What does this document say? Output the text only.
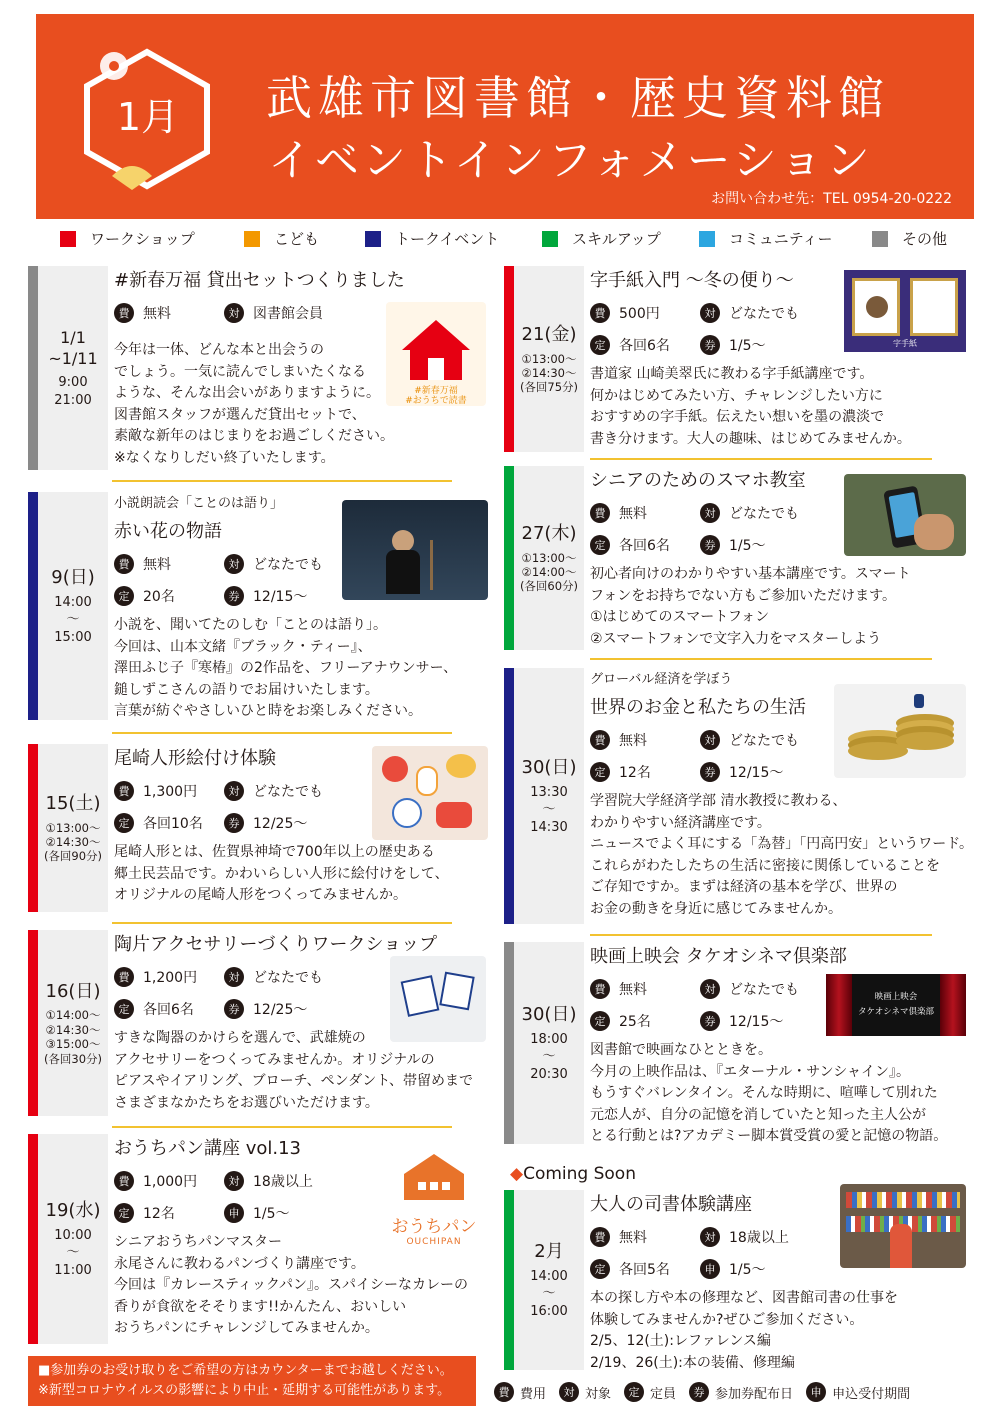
1月	武雄市図書館・歴史資料館
イベントインフォメーション
お問い合わせ先：TEL 0954-20-0222
ワークショップ	こども	トークイベント	スキルアップ	コミュニティー	その他
1/1
~1/11
9:00
21:00
#新春万福 貸出セットつくりました
費 無料	対 図書館会員
今年は一体、どんな本と出会うの
でしょう。一気に読んでしまいたくなる
ような、そんな出会いがありますように。
図書館スタッフが選んだ貸出セットで、
素敵な新年のはじまりをお過ごしください。
※なくなりしだい終了いたします。
#新春万福
#おうちで読書
9(日)
14:00
〜
15:00
小説朗読会「ことのは語り」
赤い花の物語
費 無料	対 どなたでも
定 20名	券 12/15〜
小説を、聞いてたのしむ「ことのは語り」。
今回は、山本文緒『ブラック・ティー』、
澤田ふじ子『寒椿』の2作品を、フリーアナウンサー、
鎚しずこさんの語りでお届けいたします。
言葉が紡ぐやさしいひと時をお楽しみください。
15(土)
①13:00〜
②14:30〜
(各回90分)
尾崎人形絵付け体験
費 1,300円	対 どなたでも
定 各回10名	券 12/25〜
尾崎人形とは、佐賀県神埼で700年以上の歴史ある
郷土民芸品です。かわいらしい人形に絵付けをして、
オリジナルの尾崎人形をつくってみませんか。
16(日)
①14:00〜
②14:30〜
③15:00〜
(各回30分)
陶片アクセサリーづくりワークショップ
費 1,200円	対 どなたでも
定 各回6名	券 12/25〜
すきな陶器のかけらを選んで、武雄焼の
アクセサリーをつくってみませんか。オリジナルの
ピアスやイアリング、ブローチ、ペンダント、帯留めまで
さまざまなかたちをお選びいただけます。
19(水)
10:00
〜
11:00
おうちパン講座 vol.13
費 1,000円	対 18歳以上
定 12名	申 1/5〜
シニアおうちパンマスター
永尾さんに教わるパンづくり講座です。
今回は『カレースティックパン』。スパイシーなカレーの
香りが食欲をそそります!!かんたん、おいしい
おうちパンにチャレンジしてみませんか。
おうちパン
OUCHIPAN
■参加券のお受け取りをご希望の方はカウンターまでお越しください。
※新型コロナウイルスの影響により中止・延期する可能性があります。
21(金)
①13:00〜
②14:30〜
(各回75分)
字手紙入門 〜冬の便り〜
費 500円	対 どなたでも
定 各回6名	券 1/5〜
書道家 山崎美翠氏に教わる字手紙講座です。
何かはじめてみたい方、チャレンジしたい方に
おすすめの字手紙。伝えたい想いを墨の濃淡で
書き分けます。大人の趣味、はじめてみませんか。
字手紙
27(木)
①13:00〜
②14:00〜
(各回60分)
シニアのためのスマホ教室
費 無料	対 どなたでも
定 各回6名	券 1/5〜
初心者向けのわかりやすい基本講座です。スマート
フォンをお持ちでない方もご参加いただけます。
①はじめてのスマートフォン
②スマートフォンで文字入力をマスターしよう
30(日)
13:30
〜
14:30
グローバル経済を学ぼう
世界のお金と私たちの生活
費 無料	対 どなたでも
定 12名	券 12/15〜
学習院大学経済学部 清水教授に教わる、
わかりやすい経済講座です。
ニュースでよく耳にする「為替」「円高円安」というワード。
これらがわたしたちの生活に密接に関係していることを
ご存知ですか。まずは経済の基本を学び、世界の
お金の動きを身近に感じてみませんか。
30(日)
18:00
〜
20:30
映画上映会 タケオシネマ倶楽部
費 無料	対 どなたでも
定 25名	券 12/15〜
図書館で映画なひとときを。
今月の上映作品は、『エターナル・サンシャイン』。
もうすぐバレンタイン。そんな時期に、喧嘩して別れた
元恋人が、自分の記憶を消していたと知った主人公が
とる行動とは?アカデミー脚本賞受賞の愛と記憶の物語。
映画上映会
タケオシネマ倶楽部
◆Coming Soon
2月
14:00
〜
16:00
大人の司書体験講座
費 無料	対 18歳以上
定 各回5名	申 1/5〜
本の探し方や本の修理など、図書館司書の仕事を
体験してみませんか?ぜひご参加ください。
2/5、12(土):レファレンス編
2/19、26(土):本の装備、修理編
費 費用	対 対象	定 定員	券 参加券配布日	申 申込受付期間
